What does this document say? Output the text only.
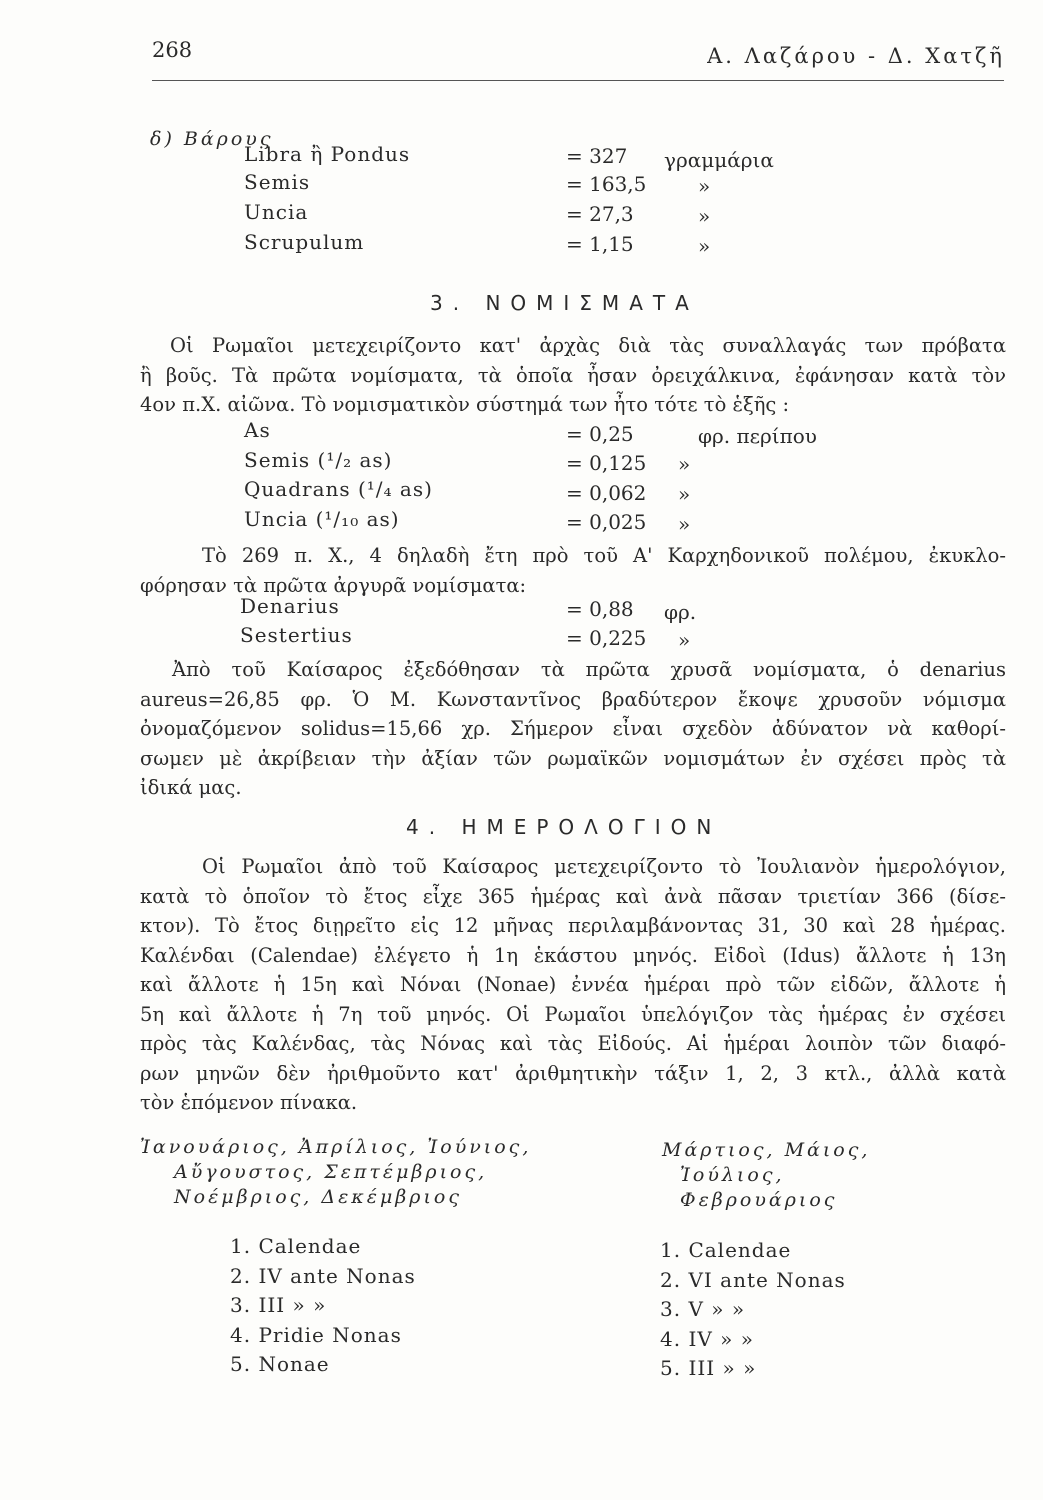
268	Α. Λαζάρου - Δ. Χατζῆ
δ) Βάρους
Libra ἢ Pondus	= 327 γραμμάρια
Semis	= 163,5	»
Uncia	= 27,3	»
Scrupulum	= 1,15	»
3. ΝΟΜΙΣΜΑΤΑ

Οἱ Ρωμαῖοι μετεχειρίζοντο κατ' ἀρχὰς διὰ τὰς συναλλαγάς των πρόβατα

ἢ βοῦς. Τὰ πρῶτα νομίσματα, τὰ ὁποῖα ἦσαν ὀρειχάλκινα, ἐφάνησαν κατὰ τὸν

4ον π.Χ. αἰῶνα. Τὸ νομισματικὸν σύστημά των ἦτο τότε τὸ ἑξῆς :

As	= 0,25	φρ. περίπου
Semis (¹/₂ as)	= 0,125 »
Quadrans (¹/₄ as)	= 0,062 »
Uncia (¹/₁₀ as)	= 0,025 »

Τὸ 269 π. Χ., 4 δηλαδὴ ἔτη πρὸ τοῦ Α' Καρχηδονικοῦ πολέμου, ἐκυκλο-

φόρησαν τὰ πρῶτα ἀργυρᾶ νομίσματα:

Denarius	= 0,88 φρ.
Sestertius	= 0,225 »

Ἀπὸ τοῦ Καίσαρος ἐξεδόθησαν τὰ πρῶτα χρυσᾶ νομίσματα, ὁ denarius

aureus=26,85 φρ. Ὁ Μ. Κωνσταντῖνος βραδύτερον ἔκοψε χρυσοῦν νόμισμα

ὀνομαζόμενον solidus=15,66 χρ. Σήμερον εἶναι σχεδὸν ἀδύνατον νὰ καθορί-

σωμεν μὲ ἀκρίβειαν τὴν ἀξίαν τῶν ρωμαϊκῶν νομισμάτων ἐν σχέσει πρὸς τὰ

ἰδικά μας.

4. ΗΜΕΡΟΛΟΓΙΟΝ

Οἱ Ρωμαῖοι ἀπὸ τοῦ Καίσαρος μετεχειρίζοντο τὸ Ἰουλιανὸν ἡμερολόγιον,

κατὰ τὸ ὁποῖον τὸ ἔτος εἶχε 365 ἡμέρας καὶ ἀνὰ πᾶσαν τριετίαν 366 (δίσε-

κτον). Τὸ ἔτος διῃρεῖτο εἰς 12 μῆνας περιλαμβάνοντας 31, 30 καὶ 28 ἡμέρας.

Καλένδαι (Calendae) ἐλέγετο ἡ 1η ἑκάστου μηνός. Εἰδοὶ (Idus) ἄλλοτε ἡ 13η

καὶ ἄλλοτε ἡ 15η καὶ Νόναι (Nonae) ἐννέα ἡμέραι πρὸ τῶν εἰδῶν, ἄλλοτε ἡ

5η καὶ ἄλλοτε ἡ 7η τοῦ μηνός. Οἱ Ρωμαῖοι ὑπελόγιζον τὰς ἡμέρας ἐν σχέσει

πρὸς τὰς Καλένδας, τὰς Νόνας καὶ τὰς Εἰδούς. Αἱ ἡμέραι λοιπὸν τῶν διαφό-

ρων μηνῶν δὲν ἠριθμοῦντο κατ' ἀριθμητικὴν τάξιν 1, 2, 3 κτλ., ἀλλὰ κατὰ

τὸν ἑπόμενον πίνακα.

Ἰανουάριος, Ἀπρίλιος, Ἰούνιος,
Αὔγουστος, Σεπτέμβριος,
Νοέμβριος, Δεκέμβριος
Μάρτιος, Μάιος,
Ἰούλιος,
Φεβρουάριος
1. Calendae
2. IV ante Nonas
3. III » »
4. Pridie Nonas
5. Nonae
1. Calendae
2. VI ante Nonas
3. V » »
4. IV » »
5. III » »
